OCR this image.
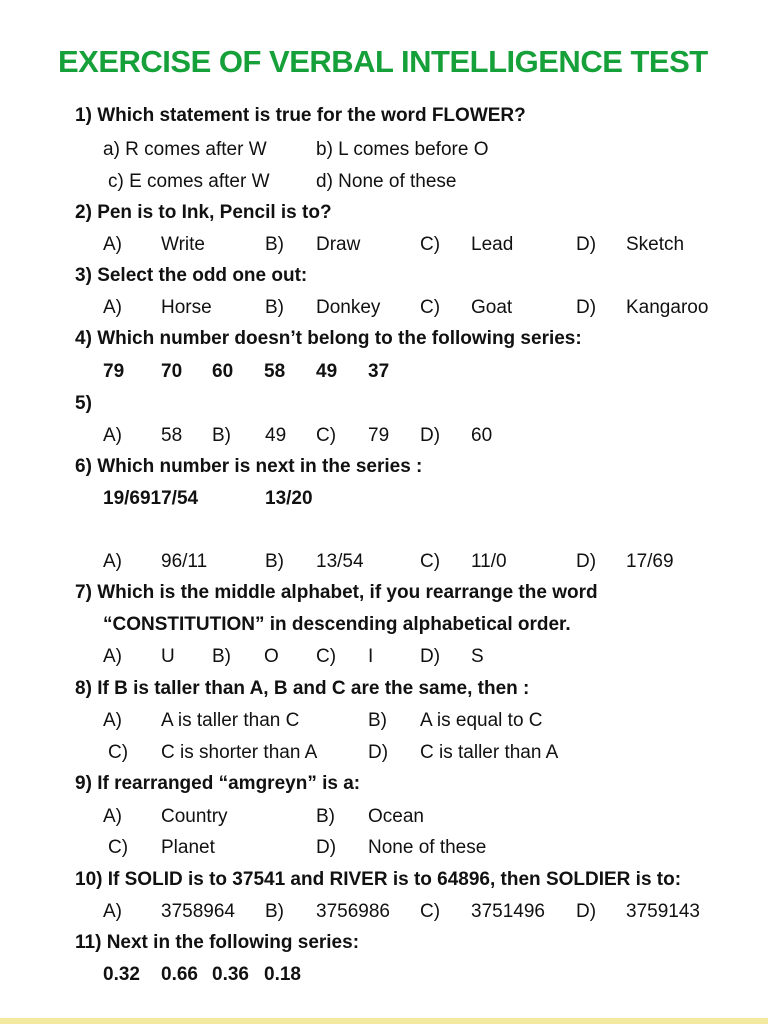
EXERCISE OF VERBAL INTELLIGENCE TEST
1) Which statement is true for the word FLOWER?
a) R comes after W	b) L comes before O
c) E comes after W d) None of these
2) Pen is to Ink, Pencil is to?
A) Write	B) Draw	C) Lead	D) Sketch
3) Select the odd one out:
A) Horse	B) Donkey C) Goat	D) Kangaroo
4) Which number doesn’t belong to the following series:
79 70 60 58 49 37
5)
A) 58 B) 49 C) 79 D) 60
6) Which number is next in the series :
19/6917/54	13/20
A) 96/11	B) 13/54	C) 11/0	D) 17/69
7) Which is the middle alphabet, if you rearrange the word
“CONSTITUTION” in descending alphabetical order.
A) U B) O C) I D) S
8) If B is taller than A, B and C are the same, then :
A) A is taller than C	B) A is equal to C
C) C is shorter than A	D) C is taller than A
9) If rearranged “amgreyn” is a:
A) Country	B) Ocean
C) Planet	D) None of these
10) If SOLID is to 37541 and RIVER is to 64896, then SOLDIER is to:
A) 3758964 B) 3756986 C) 3751496 D) 3759143
11) Next in the following series:
0.32 0.66 0.36 0.18
